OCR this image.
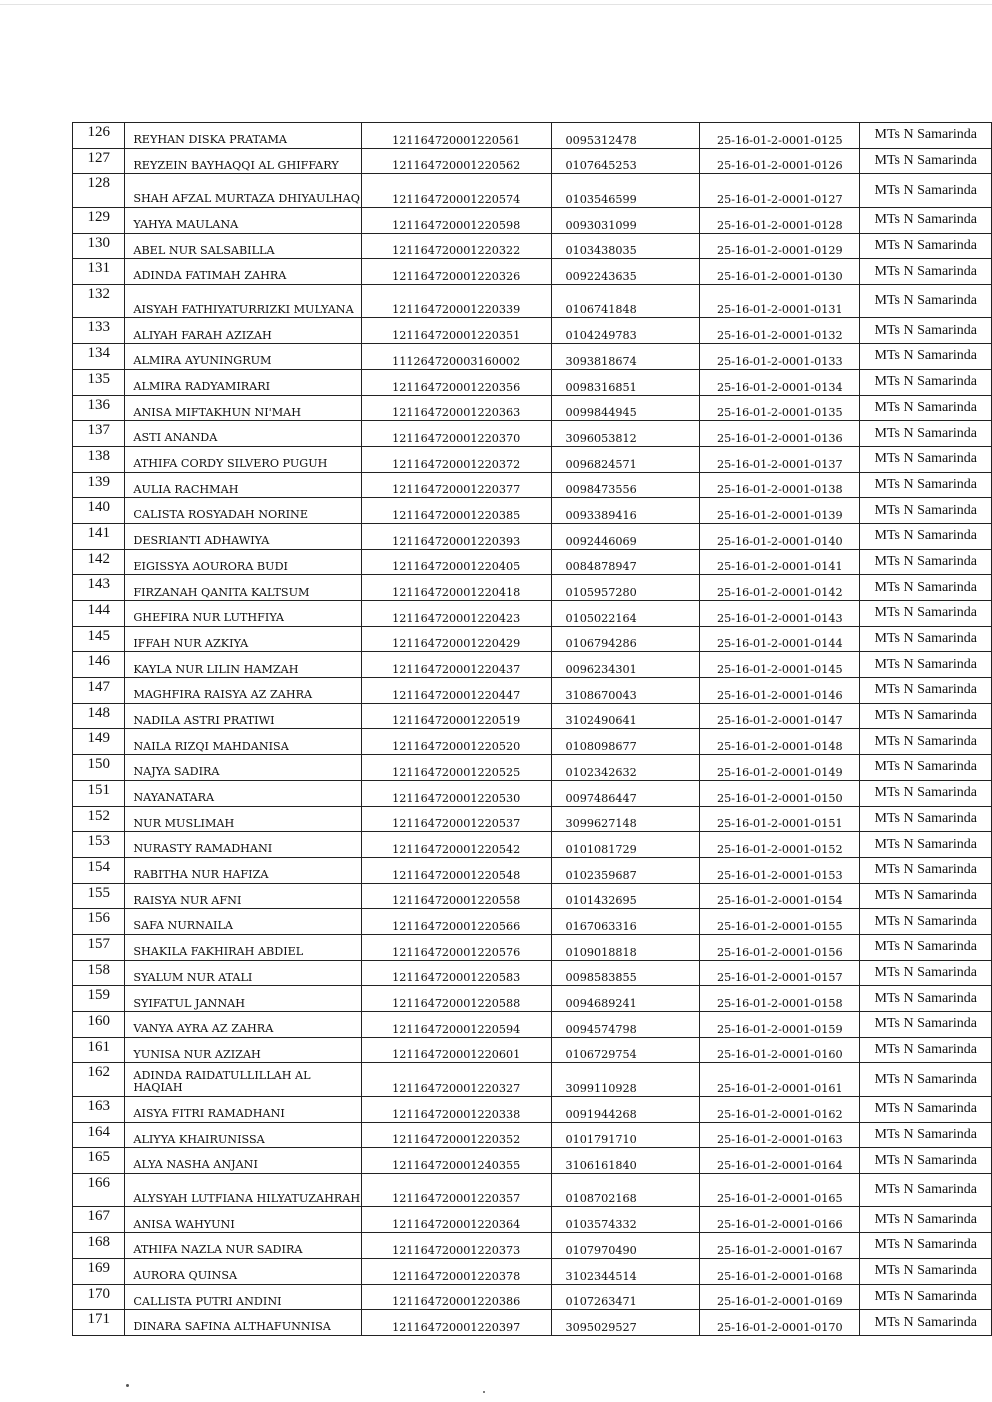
126	REYHAN DISKA PRATAMA	121164720001220561	0095312478	25-16-01-2-0001-0125	MTs N Samarinda
127	REYZEIN BAYHAQQI AL GHIFFARY	121164720001220562	0107645253	25-16-01-2-0001-0126	MTs N Samarinda
128	SHAH AFZAL MURTAZA DHIYAULHAQ	121164720001220574	0103546599	25-16-01-2-0001-0127	MTs N Samarinda
129	YAHYA MAULANA	121164720001220598	0093031099	25-16-01-2-0001-0128	MTs N Samarinda
130	ABEL NUR SALSABILLA	121164720001220322	0103438035	25-16-01-2-0001-0129	MTs N Samarinda
131	ADINDA FATIMAH ZAHRA	121164720001220326	0092243635	25-16-01-2-0001-0130	MTs N Samarinda
132	AISYAH FATHIYATURRIZKI MULYANA	121164720001220339	0106741848	25-16-01-2-0001-0131	MTs N Samarinda
133	ALIYAH FARAH AZIZAH	121164720001220351	0104249783	25-16-01-2-0001-0132	MTs N Samarinda
134	ALMIRA AYUNINGRUM	111264720003160002	3093818674	25-16-01-2-0001-0133	MTs N Samarinda
135	ALMIRA RADYAMIRARI	121164720001220356	0098316851	25-16-01-2-0001-0134	MTs N Samarinda
136	ANISA MIFTAKHUN NI'MAH	121164720001220363	0099844945	25-16-01-2-0001-0135	MTs N Samarinda
137	ASTI ANANDA	121164720001220370	3096053812	25-16-01-2-0001-0136	MTs N Samarinda
138	ATHIFA CORDY SILVERO PUGUH	121164720001220372	0096824571	25-16-01-2-0001-0137	MTs N Samarinda
139	AULIA RACHMAH	121164720001220377	0098473556	25-16-01-2-0001-0138	MTs N Samarinda
140	CALISTA ROSYADAH NORINE	121164720001220385	0093389416	25-16-01-2-0001-0139	MTs N Samarinda
141	DESRIANTI ADHAWIYA	121164720001220393	0092446069	25-16-01-2-0001-0140	MTs N Samarinda
142	EIGISSYA AOURORA BUDI	121164720001220405	0084878947	25-16-01-2-0001-0141	MTs N Samarinda
143	FIRZANAH QANITA KALTSUM	121164720001220418	0105957280	25-16-01-2-0001-0142	MTs N Samarinda
144	GHEFIRA NUR LUTHFIYA	121164720001220423	0105022164	25-16-01-2-0001-0143	MTs N Samarinda
145	IFFAH NUR AZKIYA	121164720001220429	0106794286	25-16-01-2-0001-0144	MTs N Samarinda
146	KAYLA NUR LILIN HAMZAH	121164720001220437	0096234301	25-16-01-2-0001-0145	MTs N Samarinda
147	MAGHFIRA RAISYA AZ ZAHRA	121164720001220447	3108670043	25-16-01-2-0001-0146	MTs N Samarinda
148	NADILA ASTRI PRATIWI	121164720001220519	3102490641	25-16-01-2-0001-0147	MTs N Samarinda
149	NAILA RIZQI MAHDANISA	121164720001220520	0108098677	25-16-01-2-0001-0148	MTs N Samarinda
150	NAJYA SADIRA	121164720001220525	0102342632	25-16-01-2-0001-0149	MTs N Samarinda
151	NAYANATARA	121164720001220530	0097486447	25-16-01-2-0001-0150	MTs N Samarinda
152	NUR MUSLIMAH	121164720001220537	3099627148	25-16-01-2-0001-0151	MTs N Samarinda
153	NURASTY RAMADHANI	121164720001220542	0101081729	25-16-01-2-0001-0152	MTs N Samarinda
154	RABITHA NUR HAFIZA	121164720001220548	0102359687	25-16-01-2-0001-0153	MTs N Samarinda
155	RAISYA NUR AFNI	121164720001220558	0101432695	25-16-01-2-0001-0154	MTs N Samarinda
156	SAFA NURNAILA	121164720001220566	0167063316	25-16-01-2-0001-0155	MTs N Samarinda
157	SHAKILA FAKHIRAH ABDIEL	121164720001220576	0109018818	25-16-01-2-0001-0156	MTs N Samarinda
158	SYALUM NUR ATALI	121164720001220583	0098583855	25-16-01-2-0001-0157	MTs N Samarinda
159	SYIFATUL JANNAH	121164720001220588	0094689241	25-16-01-2-0001-0158	MTs N Samarinda
160	VANYA AYRA AZ ZAHRA	121164720001220594	0094574798	25-16-01-2-0001-0159	MTs N Samarinda
161	YUNISA NUR AZIZAH	121164720001220601	0106729754	25-16-01-2-0001-0160	MTs N Samarinda
162	ADINDA RAIDATULLILLAH AL HAQIAH	121164720001220327	3099110928	25-16-01-2-0001-0161	MTs N Samarinda
163	AISYA FITRI RAMADHANI	121164720001220338	0091944268	25-16-01-2-0001-0162	MTs N Samarinda
164	ALIYYA KHAIRUNISSA	121164720001220352	0101791710	25-16-01-2-0001-0163	MTs N Samarinda
165	ALYA NASHA ANJANI	121164720001240355	3106161840	25-16-01-2-0001-0164	MTs N Samarinda
166	ALYSYAH LUTFIANA HILYATUZAHRAH	121164720001220357	0108702168	25-16-01-2-0001-0165	MTs N Samarinda
167	ANISA WAHYUNI	121164720001220364	0103574332	25-16-01-2-0001-0166	MTs N Samarinda
168	ATHIFA NAZLA NUR SADIRA	121164720001220373	0107970490	25-16-01-2-0001-0167	MTs N Samarinda
169	AURORA QUINSA	121164720001220378	3102344514	25-16-01-2-0001-0168	MTs N Samarinda
170	CALLISTA PUTRI ANDINI	121164720001220386	0107263471	25-16-01-2-0001-0169	MTs N Samarinda
171	DINARA SAFINA ALTHAFUNNISA	121164720001220397	3095029527	25-16-01-2-0001-0170	MTs N Samarinda
